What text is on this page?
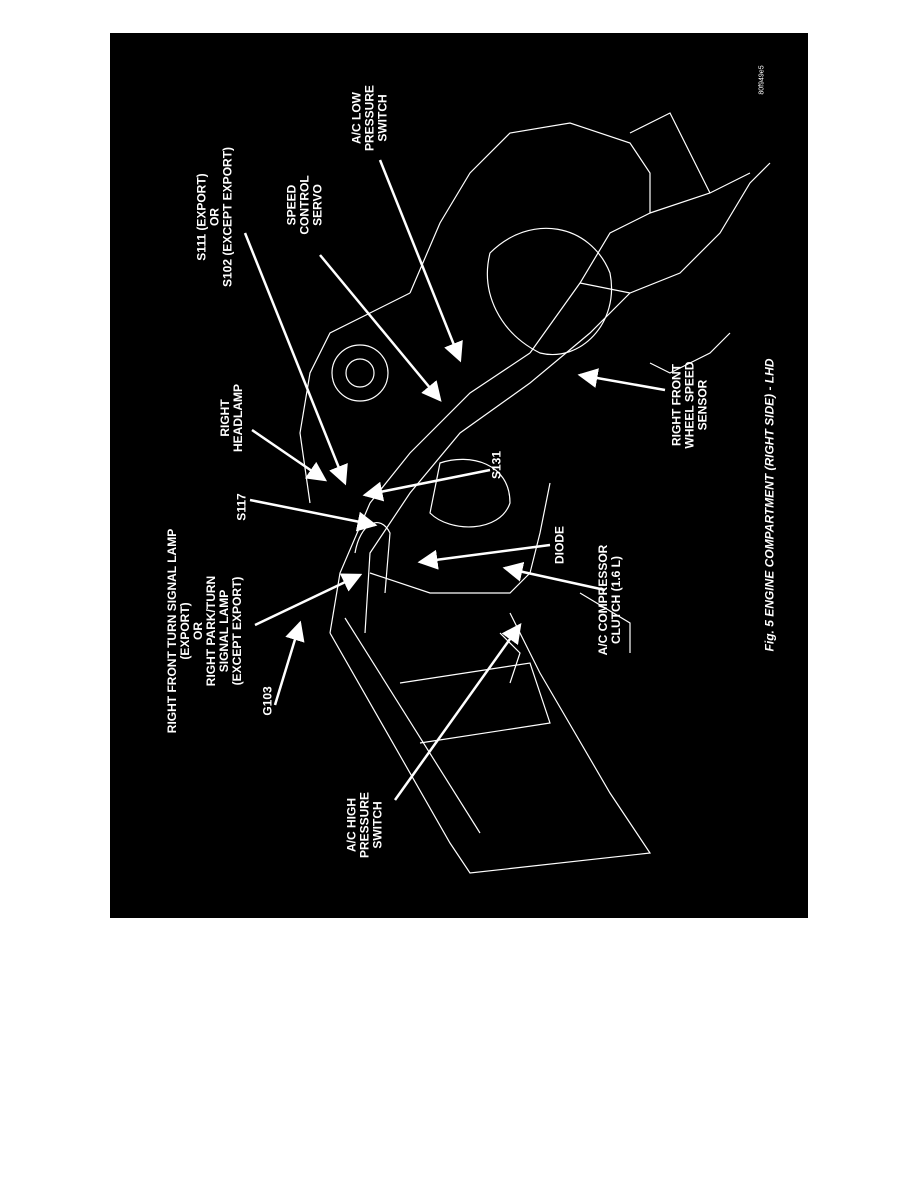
RIGHT FRONT TURN SIGNAL LAMP
(EXPORT)
OR
RIGHT PARK/TURN
SIGNAL LAMP
(EXCEPT EXPORT)
G103
S117
RIGHT
HEADLAMP
S111 (EXPORT)
OR
S102 (EXCEPT EXPORT)
SPEED
CONTROL
SERVO
A/C LOW
PRESSURE
SWITCH
80f949e5
S131
DIODE
A/C COMPRESSOR
CLUTCH (1.6 L)
RIGHT FRONT
WHEEL SPEED
SENSOR
A/C HIGH
PRESSURE
SWITCH
Fig. 5 ENGINE COMPARTMENT (RIGHT SIDE) - LHD
